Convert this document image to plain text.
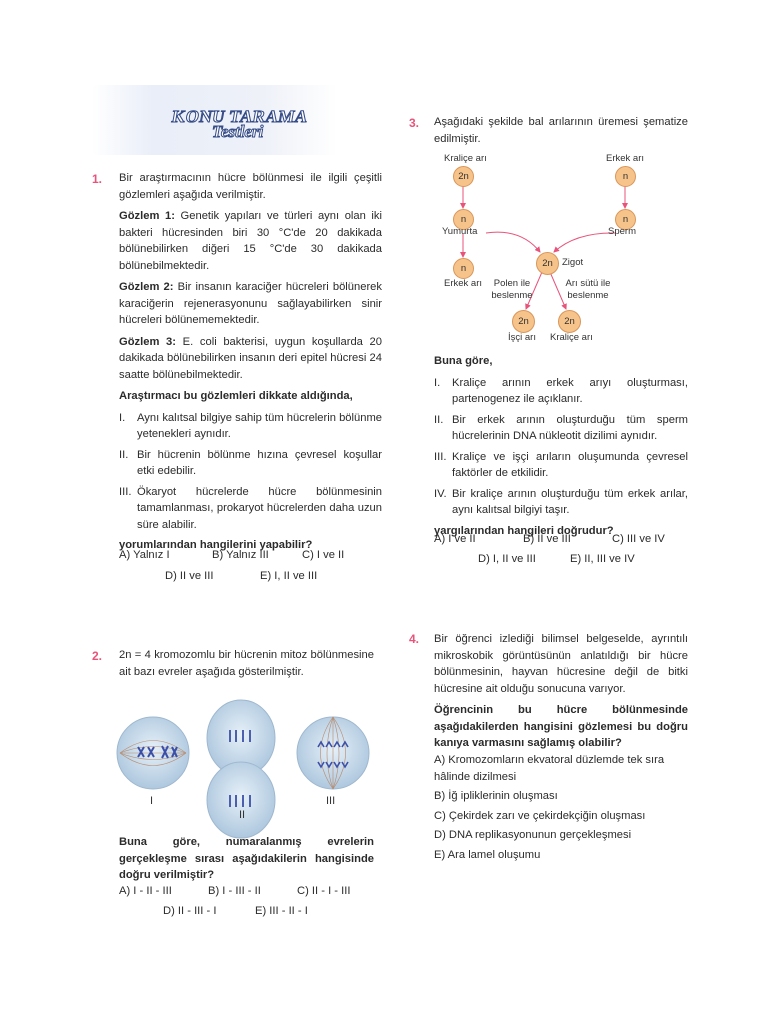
KONU TARAMA
Testleri
1. Bir araştırmacının hücre bölünmesi ile ilgili çeşitli gözlemleri aşağıda verilmiştir.

Gözlem 1: Genetik yapıları ve türleri aynı olan iki bakteri hücresinden biri 30 °C'de 20 dakikada bölünebilirken diğeri 15 °C'de 30 dakikada bölünebilmektedir.

Gözlem 2: Bir insanın karaciğer hücreleri bölünerek karaciğerin rejenerasyonunu sağlayabilirken sinir hücreleri bölünememektedir.

Gözlem 3: E. coli bakterisi, uygun koşullarda 20 dakikada bölünebilirken insanın deri epitel hücresi 24 saatte bölünebilmektedir.

Araştırmacı bu gözlemleri dikkate aldığında,

I.	Aynı kalıtsal bilgiye sahip tüm hücrelerin bölünme yetenekleri aynıdır.
II. Bir hücrenin bölünme hızına çevresel koşullar etki edebilir.
III. Ökaryot hücrelerde hücre bölünmesinin tamamlanması, prokaryot hücrelerden daha uzun süre alabilir.

yorumlarından hangilerini yapabilir?

A) Yalnız I	B) Yalnız III	C) I ve II
D) II ve III	E) I, II ve III
2. 2n = 4 kromozomlu bir hücrenin mitoz bölünmesine ait bazı evreler aşağıda gösterilmiştir.
I
II
III
Buna göre, numaralanmış evrelerin gerçekleşme sırası aşağıdakilerin hangisinde doğru verilmiştir?
A) I - II - III	B) I - III - II	C) II - I - III
D) II - III - I	E) III - II - I
3. Aşağıdaki şekilde bal arılarının üremesi şematize edilmiştir.
Kraliçe arı
2n
Erkek arı
n
n
Yumurta
n
Sperm
2n Zigot
n
Erkek arı	Polen ile beslenme
Arı sütü ile beslenme
2n	2n
İşçi arı Kraliçe arı

Buna göre,

I.	Kraliçe arının erkek arıyı oluşturması, partenogenez ile açıklanır.
II. Bir erkek arının oluşturduğu tüm sperm hücrelerinin DNA nükleotit dizilimi aynıdır.
III. Kraliçe ve işçi arıların oluşumunda çevresel faktörler de etkilidir.
IV. Bir kraliçe arının oluşturduğu tüm erkek arılar, aynı kalıtsal bilgiyi taşır.

yargılarından hangileri doğrudur?

A) I ve II	B) II ve III	C) III ve IV
D) I, II ve III	E) II, III ve IV
4. Bir öğrenci izlediği bilimsel belgeselde, ayrıntılı mikroskobik görüntüsünün anlatıldığı bir hücre bölünmesinin, hayvan hücresine değil de bitki hücresine ait olduğu sonucuna varıyor.

Öğrencinin bu hücre bölünmesinde aşağıdakilerden hangisini gözlemesi bu doğru kanıya varmasını sağlamış olabilir?

A) Kromozomların ekvatoral düzlemde tek sıra hâlinde dizilmesi
B) İğ ipliklerinin oluşması
C) Çekirdek zarı ve çekirdekçiğin oluşması
D) DNA replikasyonunun gerçekleşmesi
E) Ara lamel oluşumu
